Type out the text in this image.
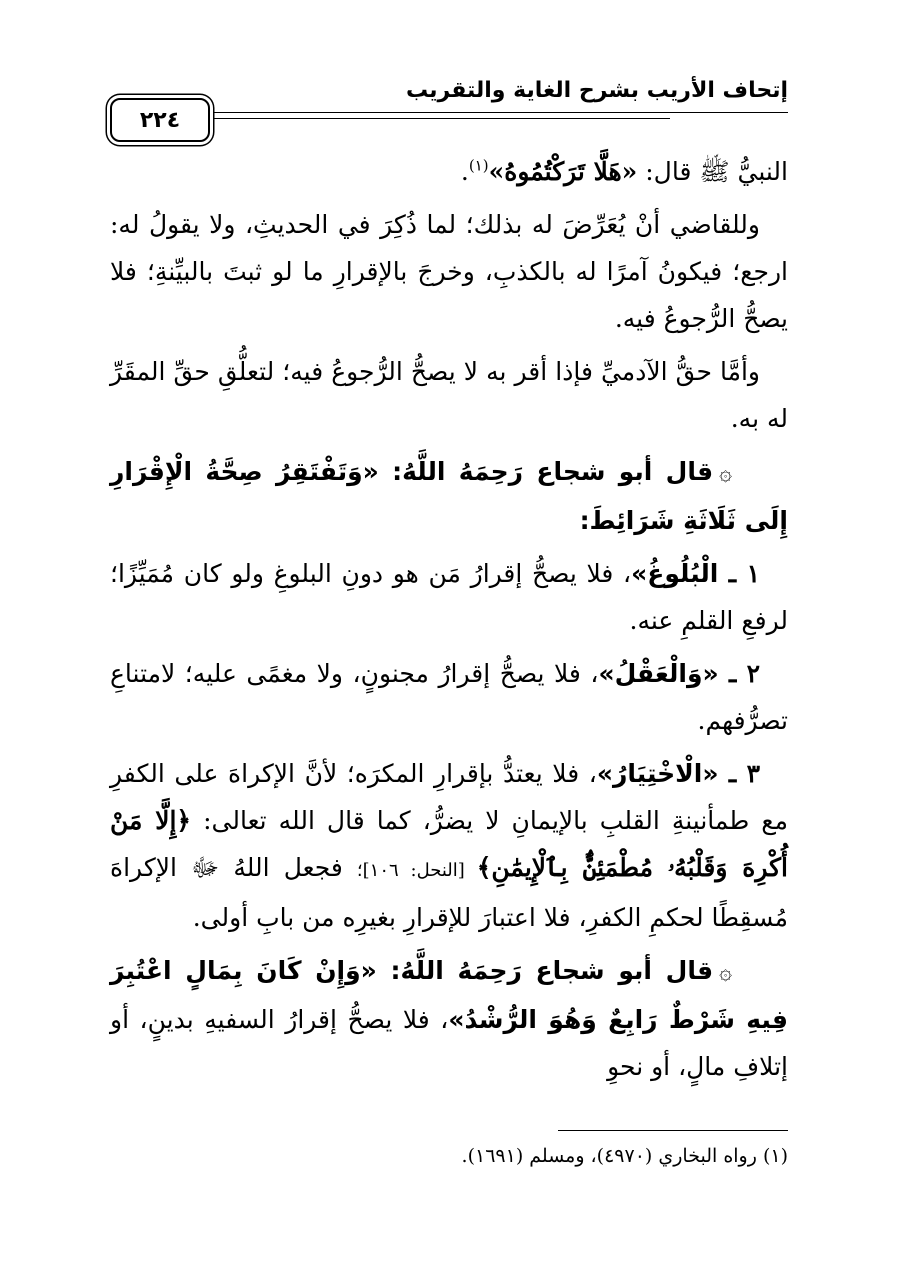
إتحاف الأريب بشرح الغاية والتقريب
٢٢٤

النبيُّ ﷺ قال: «هَلَّا تَرَكْتُمُوهُ»$^{(١)}$.

وللقاضي أنْ يُعَرِّضَ له بذلك؛ لما ذُكِرَ في الحديثِ، ولا يقولُ له: ارجع؛ فيكونُ آمرًا له بالكذبِ، وخرجَ بالإقرارِ ما لو ثبتَ بالبيِّنةِ؛ فلا يصحُّ الرُّجوعُ فيه.

وأمَّا حقُّ الآدميِّ فإذا أقر به لا يصحُّ الرُّجوعُ فيه؛ لتعلُّقِ حقِّ المقَرِّ له به.

۞قال أبو شجاع رَحِمَهُ اللَّهُ: «وَتَفْتَقِرُ صِحَّةُ الْإِقْرَارِ إِلَى ثَلَاثَةِ شَرَائِطَ:

١ ـ الْبُلُوغُ»، فلا يصحُّ إقرارُ مَن هو دونِ البلوغِ ولو كان مُمَيِّزًا؛ لرفعِ القلمِ عنه.

٢ ـ «وَالْعَقْلُ»، فلا يصحُّ إقرارُ مجنونٍ، ولا مغمًى عليه؛ لامتناعِ تصرُّفهم.

٣ ـ «الْاخْتِيَارُ»، فلا يعتدُّ بإقرارِ المكرَه؛ لأنَّ الإكراهَ على الكفرِ مع طمأنينةِ القلبِ بالإيمانِ لا يضرُّ، كما قال الله تعالى: ﴿إِلَّا مَنْ أُكْرِهَ وَقَلْبُهُۥ مُطْمَئِنٌّۢ بِٱلْإِيمَٰنِ﴾ [النحل: ١٠٦]؛ فجعل اللهُ ﷻ الإكراهَ مُسقِطًا لحكمِ الكفرِ، فلا اعتبارَ للإقرارِ بغيرِه من بابِ أولى.

۞قال أبو شجاع رَحِمَهُ اللَّهُ: «وَإِنْ كَانَ بِمَالٍ اعْتُبِرَ فِيهِ شَرْطٌ رَابِعٌ وَهُوَ الرُّشْدُ»، فلا يصحُّ إقرارُ السفيهِ بدينٍ، أو إتلافِ مالٍ، أو نحوِ

(١) رواه البخاري (٤٩٧٠)، ومسلم (١٦٩١).
